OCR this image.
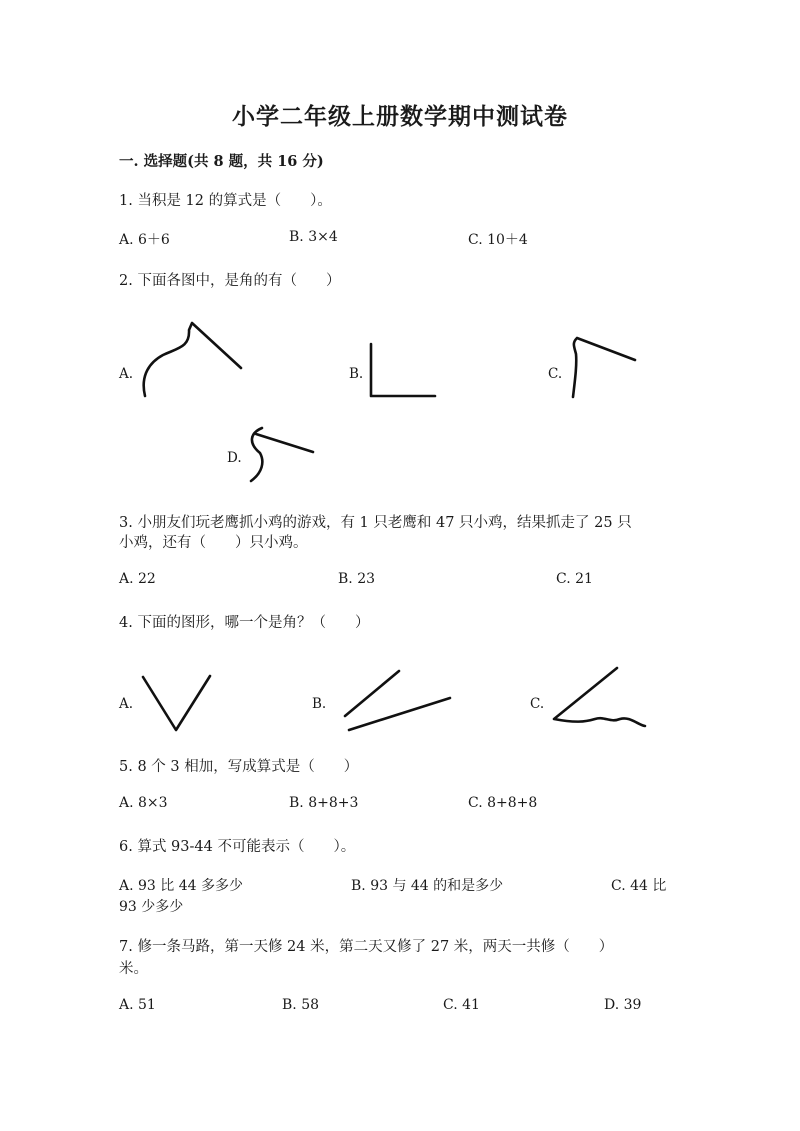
小学二年级上册数学期中测试卷
一. 选择题(共 8 题，共 16 分)
1. 当积是 12 的算式是（　　）。
A. 6＋6	B. 3×4	C. 10＋4
2. 下面各图中，是角的有（　　）
A.	B.	C.
D.
3. 小朋友们玩老鹰抓小鸡的游戏，有 1 只老鹰和 47 只小鸡，结果抓走了 25 只
小鸡，还有（　　）只小鸡。
A. 22	B. 23	C. 21
4. 下面的图形，哪一个是角？（　　）
A.	B.	C.
5. 8 个 3 相加，写成算式是（　　）
A. 8×3	B. 8+8+3	C. 8+8+8
6. 算式 93-44 不可能表示（　　）。
A. 93 比 44 多多少	B. 93 与 44 的和是多少	C. 44 比
93 少多少
7. 修一条马路，第一天修 24 米，第二天又修了 27 米，两天一共修（　　）
米。
A. 51	B. 58	C. 41	D. 39
